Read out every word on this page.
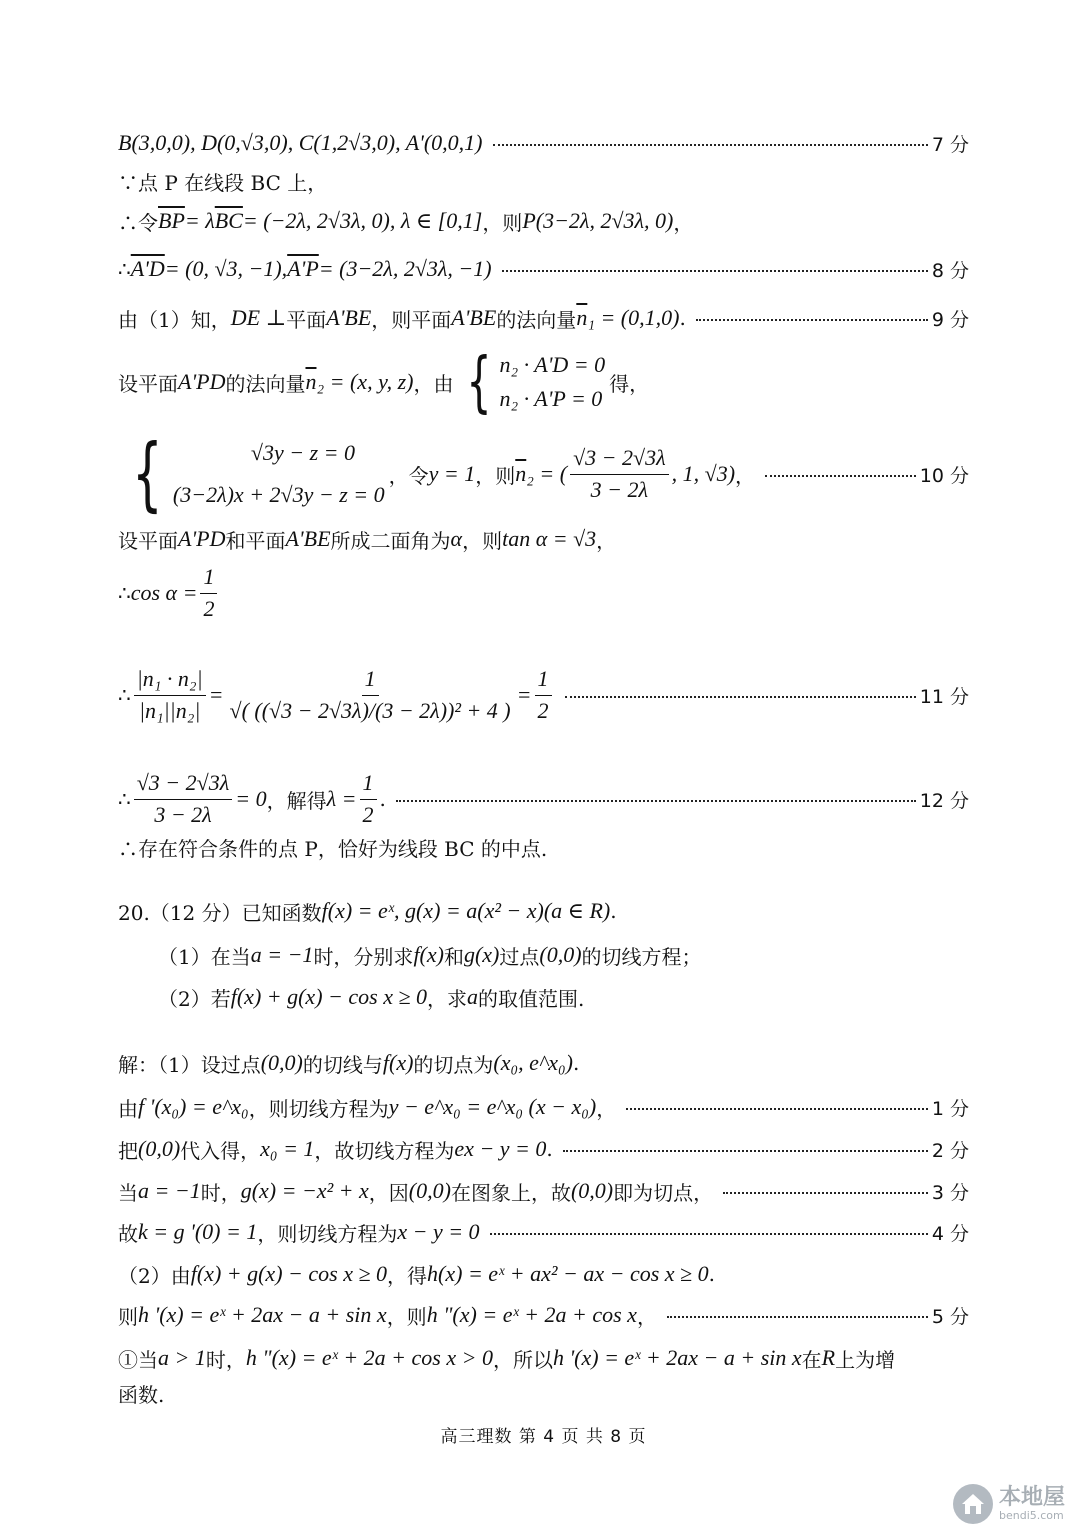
B(3,0,0), D(0,√3,0), C(1,2√3,0), A'(0,0,1)	7 分
∵点 P 在线段 BC 上，
∴令 $\overline{BP} = \lambda$ $\overline{BC} = (-2\lambda$, 2√3λ, 0), λ ∈ [0,1] ，则 P(3−2λ, 2√3λ, 0) ，
∴ A'D = (0, √3, −1), A'P = (3−2λ, 2√3λ, −1)	8 分
由（1）知， DE ⊥ 平面 A'BE ，则平面 A'BE 的法向量 $\overline{n}$ ₁ = (0,1,0) .	9 分
设平面 A'PD 的法向量 $\overline{n}$ ₂ = (x, y, z) ，由 { n₂ · A'D = 0
n₂ · A'P = 0
得，
{	√3y − z = 0
(3−2λ)x + 2√3y − z = 0
，令 y = 1 ，则 $\overline{n}$ ₂ = ( $\frac{√3 - 2√3\lambda}{3 - 2\lambda}$ , 1, √3) ，	10 分
设平面 A'PD 和平面 A'BE 所成二面角为 α ，则 tan α = √3 ，
∴ $\cos \alpha = \frac{1}{2}$
∴ $\frac{\text{|n₁ · n₂|}}{\text{|n₁||n₂|}} = \frac{1}{\text{√( ((√3 − 2√3λ)/(3 − 2λ))² + 4 )}} = \frac{1}{2}$	11 分
∴ $\frac{√3 - 2√3\lambda}{3 - 2\lambda} = 0$ ，解得 $\lambda = \frac{1}{2}$ .	12 分
∴存在符合条件的点 P，恰好为线段 BC 的中点.
20.（12 分）已知函数 f(x) = eˣ, g(x) = a(x² − x)(a ∈ R) .
（1）在当 a = −1 时，分别求 f(x) 和 g(x) 过点 (0,0) 的切线方程；
（2）若 f(x) + g(x) − cos x ≥ 0 ，求 a 的取值范围.
解：（1）设过点 (0,0) 的切线与 f(x) 的切点为 (x₀, e^x₀) .
由 f '(x₀) = e^x₀ ，则切线方程为 y − e^x₀ = e^x₀ (x − x₀) ，	1 分
把 (0,0) 代入得， x₀ = 1 ，故切线方程为 ex − y = 0 .	2 分
当 a = −1 时， g(x) = −x² + x ，因 (0,0) 在图象上，故 (0,0) 即为切点，	3 分
故 k = g '(0) = 1 ，则切线方程为 x − y = 0	4 分
（2）由 f(x) + g(x) − cos x ≥ 0 ，得 h(x) = eˣ + ax² − ax − cos x ≥ 0 .
则 h '(x) = eˣ + 2ax − a + sin x ，则 h "(x) = eˣ + 2a + cos x ，	5 分
①当 a > 1 时， h "(x) = eˣ + 2a + cos x > 0 ，所以 h '(x) = eˣ + 2ax − a + sin x 在 R 上为增
函数.
高三理数 第 4 页 共 8 页
本地屋
bendi5.com
